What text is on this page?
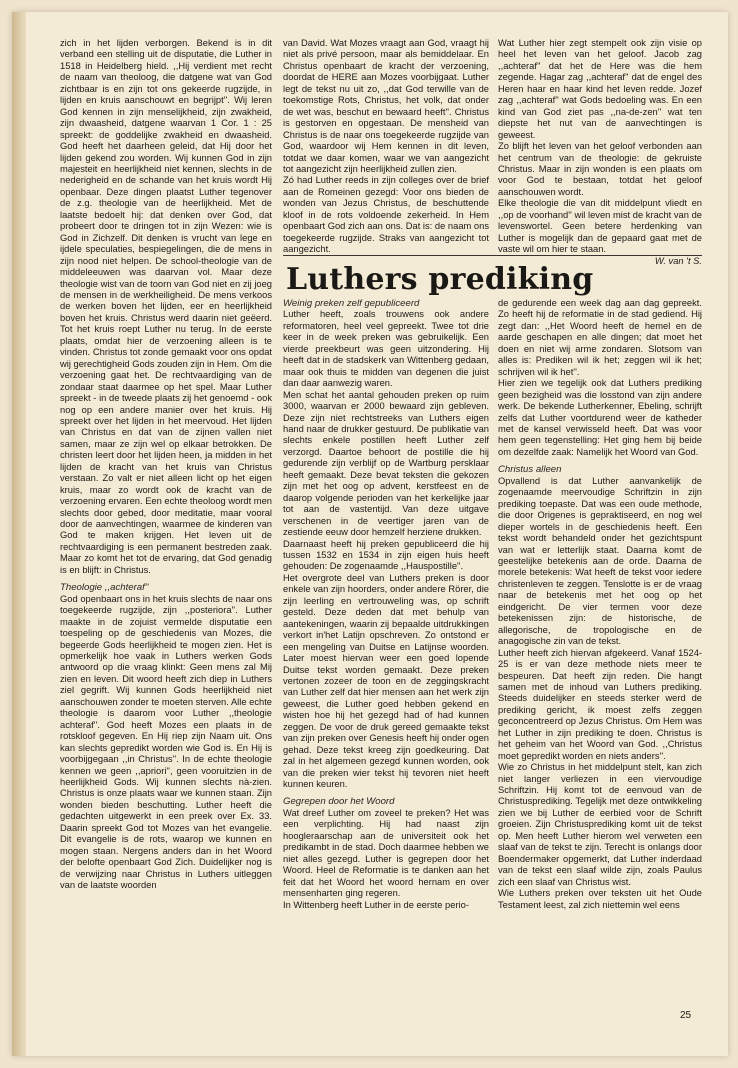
zich in het lijden verborgen. Bekend is in dit verband een stelling uit de disputatie, die Luther in 1518 in Heidelberg hield. ,,Hij verdient met recht de naam van theoloog, die datgene wat van God zichtbaar is en zijn tot ons gekeerde rugzijde, in lijden en kruis aanschouwt en begrijpt''. Wij leren God kennen in zijn menselijkheid, zijn zwakheid, zijn dwaasheid, datgene waarvan 1 Cor. 1 : 25 spreekt: de goddelijke zwakheid en dwaasheid. God heeft het daarheen geleid, dat Hij door het lijden gekend zou worden. Wij kunnen God in zijn majesteit en heerlijkheid niet kennen, slechts in de nederigheid en de schande van het kruis wordt Hij openbaar. Deze dingen plaatst Luther tegenover de z.g. theologie van de heerlijkheid. Met de laatste bedoelt hij: dat denken over God, dat probeert door te dringen tot in zijn Wezen: wie is God in Zichzelf. Dit denken is vrucht van lege en ijdele speculaties, bespiegelingen, die de mens in zijn nood niet helpen. De school-theologie van de middeleeuwen was daarvan vol. Maar deze theologie wist van de toorn van God niet en zij joeg de mensen in de werkheiligheid. De mens verkoos de werken boven het lijden, eer en heerlijkheid boven het kruis. Christus werd daarin niet geëerd. Tot het kruis roept Luther nu terug. In de eerste plaats, omdat hier de verzoening alleen is te vinden. Christus tot zonde gemaakt voor ons opdat wij gerechtigheid Gods zouden zijn in Hem. Om die verzoening gaat het. De rechtvaardiging van de zondaar staat daarmee op het spel. Maar Luther spreekt - in de tweede plaats zij het genoemd - ook nog op een andere manier over het kruis. Hij spreekt over het lijden in het meervoud. Het lijden van Christus en dat van de zijnen vallen niet samen, maar ze zijn wel op elkaar betrokken. De christen leert door het lijden heen, ja midden in het lijden de kracht van het kruis van Christus verstaan. Zo valt er niet alleen licht op het eigen kruis, maar zo wordt ook de kracht van de verzoening ervaren. Een echte theoloog wordt men slechts door gebed, door meditatie, maar vooral door de aanvechtingen, waarmee de kinderen van God te maken krijgen. Het leven uit de rechtvaardiging is een permanent bestreden zaak. Maar zo komt het tot de ervaring, dat God genadig is en blijft: in Christus.

Theologie ,,achteraf''

God openbaart ons in het kruis slechts de naar ons toegekeerde rugzijde, zijn ,,posteriora''. Luther maakte in de zojuist vermelde disputatie een toespeling op de geschiedenis van Mozes, die begeerde Gods heerlijkheid te mogen zien. Het is opmerkelijk hoe vaak in Luthers werken Gods antwoord op die vraag klinkt: Geen mens zal Mij zien en leven. Dit woord heeft zich diep in Luthers ziel gegrift. Wij kunnen Gods heerlijkheid niet aanschouwen zonder te moeten sterven. Alle echte theologie is daarom voor Luther ,,theologie achteraf''. God heeft Mozes een plaats in de rotskloof gegeven. En Hij riep zijn Naam uit. Ons kan slechts gepredikt worden wie God is. En Hij is voorbijgegaan ,,in Christus''. In de echte theologie kennen we geen ,,apriori'', geen vooruitzien in de heerlijkheid Gods. Wij kunnen slechts nà-zien. Christus is onze plaats waar we kunnen staan. Zijn wonden bieden beschutting. Luther heeft die gedachten uitgewerkt in een preek over Ex. 33. Daarin spreekt God tot Mozes van het evangelie. Dit evangelie is de rots, waarop we kunnen en mogen staan. Nergens anders dan in het Woord der belofte openbaart God Zich. Duidelijker nog is de verwijzing naar Christus in Luthers uitleggen van de laatste woorden

van David. Wat Mozes vraagt aan God, vraagt hij niet als privé persoon, maar als bemiddelaar. En Christus openbaart de kracht der verzoening, doordat de HERE aan Mozes voorbijgaat. Luther legt de tekst nu uit zo, ,,dat God terwille van de toekomstige Rots, Christus, het volk, dat onder de wet was, beschut en bewaard heeft''. Christus is gestorven en opgestaan. De mensheid van Christus is de naar ons toegekeerde rugzijde van God, waardoor wij Hem kennen in dit leven, totdat we daar komen, waar we van aangezicht tot aangezicht zijn heerlijkheid zullen zien.

Zó had Luther reeds in zijn colleges over de brief aan de Romeinen gezegd: Voor ons bieden de wonden van Jezus Christus, de beschuttende kloof in de rots voldoende zekerheid. In Hem openbaart God zich aan ons. Dat is: de naam ons toegekeerde rugzijde. Straks van aangezicht tot aangezicht.

Wat Luther hier zegt stempelt ook zijn visie op heel het leven van het geloof. Jacob zag ,,achteraf'' dat het de Here was die hem zegende. Hagar zag ,,achteraf'' dat de engel des Heren haar en haar kind het leven redde. Jozef zag ,,achteraf'' wat Gods bedoeling was. En een kind van God ziet pas ,,na-de-zen'' wat ten diepste het nut van de aanvechtingen is geweest.

Zo blijft het leven van het geloof verbonden aan het centrum van de theologie: de gekruiste Christus. Maar in zijn wonden is een plaats om voor God te bestaan, totdat het geloof aanschouwen wordt.

Elke theologie die van dit middelpunt vliedt en ,,op de voorhand'' wil leven mist de kracht van de levenswortel. Geen betere herdenking van Luther is mogelijk dan de gepaard gaat met de vaste wil om hier te staan.

W. van 't S.

Luthers prediking
Weinig preken zelf gepubliceerd

Luther heeft, zoals trouwens ook andere reformatoren, heel veel gepreekt. Twee tot drie keer in de week preken was gebruikelijk. Een vierde preekbeurt was geen uitzondering. Hij heeft dat in de stadskerk van Wittenberg gedaan, maar ook thuis te midden van degenen die juist dan daar aanwezig waren.

Men schat het aantal gehouden preken op ruim 3000, waarvan er 2000 bewaard zijn gebleven. Deze zijn niet rechtstreeks van Luthers eigen hand naar de drukker gestuurd. De publikatie van slechts enkele postillen heeft Luther zelf verzorgd. Daartoe behoort de postille die hij gedurende zijn verblijf op de Wartburg persklaar heeft gemaakt. Deze bevat teksten die gekozen zijn met het oog op advent, kerstfeest en de daarop volgende perioden van het kerkelijke jaar tot aan de vastentijd. Van deze uitgave verschenen in de veertiger jaren van de zestiende eeuw door hemzelf herziene drukken.

Daarnaast heeft hij preken gepubliceerd die hij tussen 1532 en 1534 in zijn eigen huis heeft gehouden: De zogenaamde ,,Hauspostille''.

Het overgrote deel van Luthers preken is door enkele van zijn hoorders, onder andere Rörer, die zijn leerling en vertrouweling was, op schrift gesteld. Deze deden dat met behulp van aantekeningen, waarin zij bepaalde uitdrukkingen verkort in'het Latijn opschreven. Zo ontstond er een mengeling van Duitse en Latijnse woorden. Later moest hiervan weer een goed lopende Duitse tekst worden gemaakt. Deze preken vertonen zozeer de toon en de zeggingskracht van Luther zelf dat hier mensen aan het werk zijn geweest, die Luther goed hebben gekend en wisten hoe hij het gezegd had of had kunnen zeggen. De voor de druk gereed gemaakte tekst van zijn preken over Genesis heeft hij onder ogen gehad. Deze tekst kreeg zijn goedkeuring. Dat zal in het algemeen gezegd kunnen worden, ook van die preken wier tekst hij tevoren niet heeft kunnen keuren.

Gegrepen door het Woord

Wat dreef Luther om zoveel te preken? Het was een verplichting. Hij had naast zijn hoogleraarschap aan de universiteit ook het predikambt in de stad. Doch daarmee hebben we niet alles gezegd. Luther is gegrepen door het Woord. Heel de Reformatie is te danken aan het feit dat het Woord het woord hernam en over mensenharten ging regeren.

In Wittenberg heeft Luther in de eerste perio-

de gedurende een week dag aan dag gepreekt. Zo heeft hij de reformatie in de stad gediend. Hij zegt dan: ,,Het Woord heeft de hemel en de aarde geschapen en alle dingen; dat moet het doen en niet wij arme zondaren. Slotsom van alles is: Prediken wil ik het; zeggen wil ik het; schrijven wil ik het''.

Hier zien we tegelijk ook dat Luthers prediking geen bezigheid was die losstond van zijn andere werk. De bekende Lutherkenner, Ebeling, schrijft zelfs dat Luther voortdurend weer de katheder met de kansel verwisseld heeft. Dat was voor hem geen tegenstelling: Het ging hem bij beide om dezelfde zaak: Namelijk het Woord van God.

Christus alleen

Opvallend is dat Luther aanvankelijk de zogenaamde meervoudige Schriftzin in zijn prediking toepaste. Dat was een oude methode, die door Origenes is gepraktiseerd, en nog wel dieper wortels in de geschiedenis heeft. Een tekst wordt behandeld onder het gezichtspunt van wat er letterlijk staat. Daarna komt de geestelijke betekenis aan de orde. Daarna de morele betekenis: Wat heeft de tekst voor iedere christenleven te zeggen. Tenslotte is er de vraag naar de betekenis met het oog op het eindgericht. De vier termen voor deze betekenissen zijn: de historische, de allegorische, de tropologische en de anagogische zin van de tekst.

Luther heeft zich hiervan afgekeerd. Vanaf 1524-25 is er van deze methode niets meer te bespeuren. Dat heeft zijn reden. Die hangt samen met de inhoud van Luthers prediking. Steeds duidelijker en steeds sterker werd de prediking gericht, ik moest zelfs zeggen geconcentreerd op Jezus Christus. Om Hem was het Luther in zijn prediking te doen. Christus is het geheim van het Woord van God. ,,Christus moet gepredikt worden en niets anders''.

Wie zo Christus in het middelpunt stelt, kan zich niet langer verliezen in een viervoudige Schriftzin. Hij komt tot de eenvoud van de Christusprediking. Tegelijk met deze ontwikkeling zien we bij Luther de eerbied voor de Schrift groeien. Zijn Christusprediking komt uit de tekst op. Men heeft Luther hierom wel verweten een slaaf van de tekst te zijn. Terecht is onlangs door Boendermaker opgemerkt, dat Luther inderdaad van de tekst een slaaf wilde zijn, zoals Paulus zich een slaaf van Christus wist.

Wie Luthers preken over teksten uit het Oude Testament leest, zal zich niettemin wel eens

25
